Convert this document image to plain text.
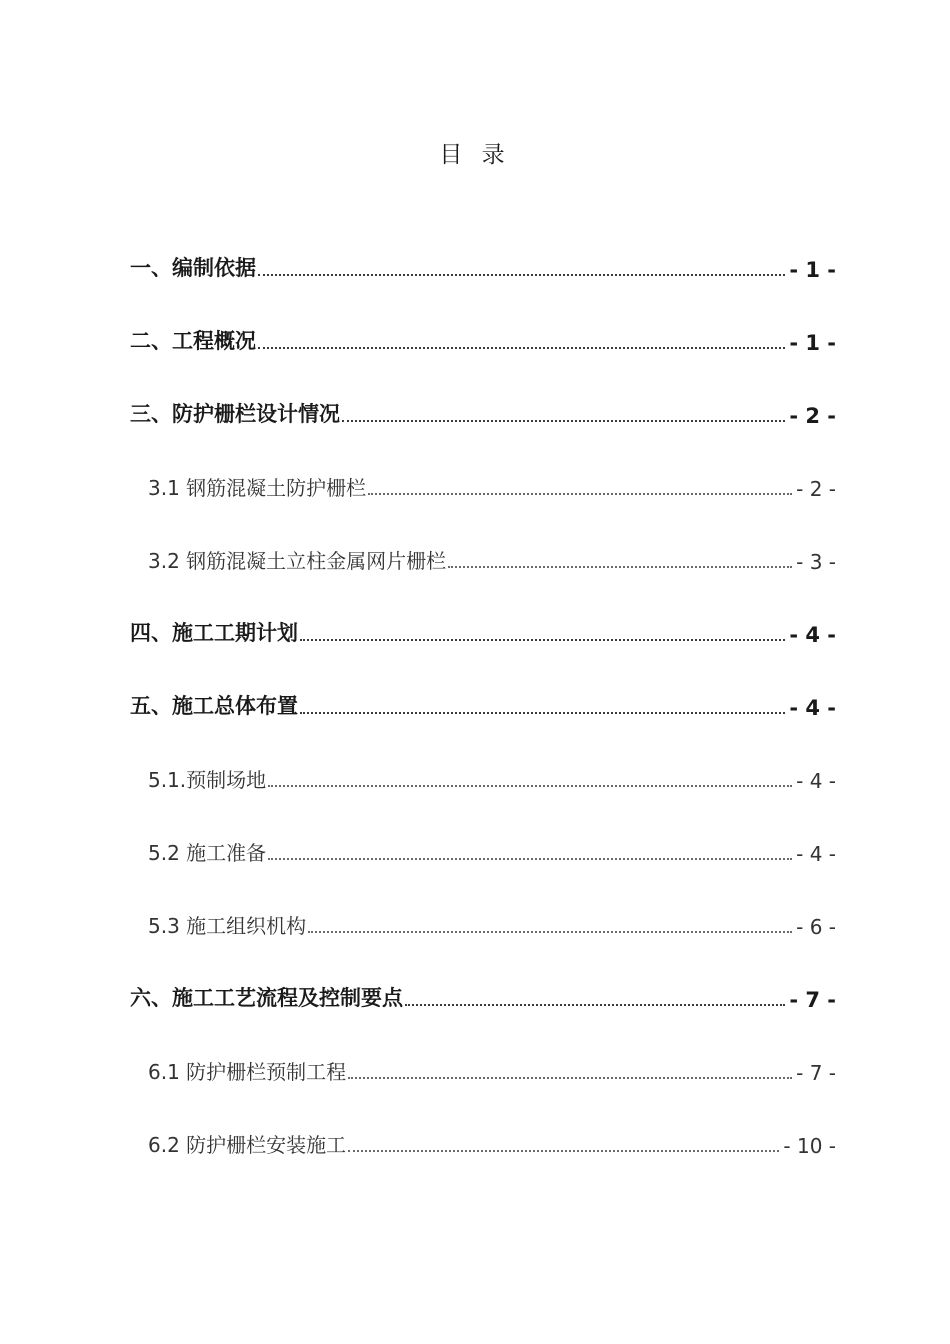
目 录
一、编制依据	- 1 -
二、工程概况	- 1 -
三、防护栅栏设计情况	- 2 -
3.1 钢筋混凝土防护栅栏	- 2 -
3.2 钢筋混凝土立柱金属网片栅栏	- 3 -
四、施工工期计划	- 4 -
五、施工总体布置	- 4 -
5.1.预制场地	- 4 -
5.2 施工准备	- 4 -
5.3 施工组织机构	- 6 -
六、施工工艺流程及控制要点	- 7 -
6.1 防护栅栏预制工程	- 7 -
6.2 防护栅栏安装施工	- 10 -
